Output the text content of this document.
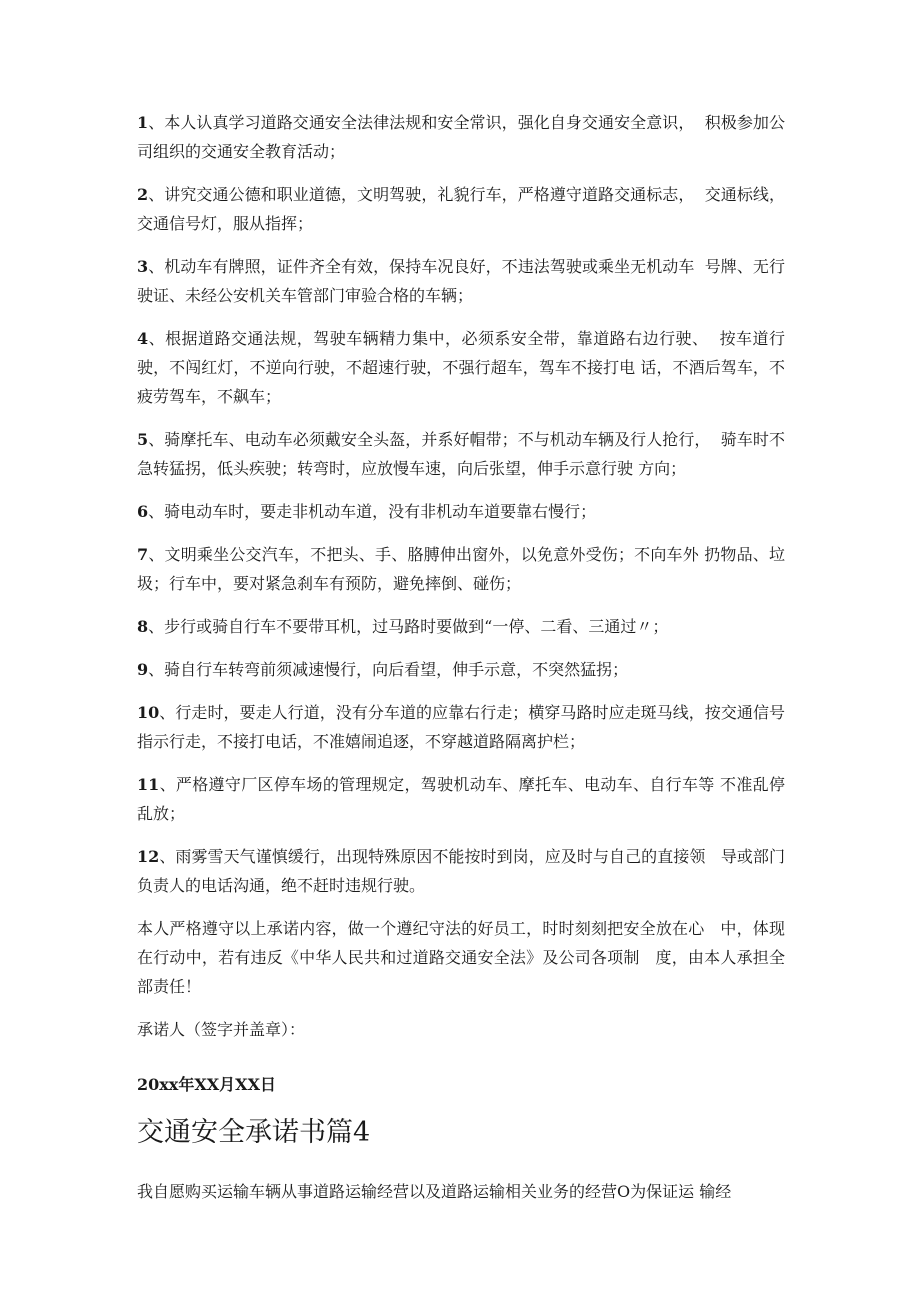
1、本人认真学习道路交通安全法律法规和安全常识，强化自身交通安全意识，  积极参加公司组织的交通安全教育活动；

2、讲究交通公德和职业道德，文明驾驶，礼貌行车，严格遵守道路交通标志，  交通标线，交通信号灯，服从指挥；

3、机动车有牌照，证件齐全有效，保持车况良好，不违法驾驶或乘坐无机动车  号牌、无行驶证、未经公安机关车管部门审验合格的车辆；

4、根据道路交通法规，驾驶车辆精力集中，必须系安全带，靠道路右边行驶、  按车道行驶，不闯红灯，不逆向行驶，不超速行驶，不强行超车，驾车不接打电 话，不酒后驾车，不疲劳驾车，不飙车；

5、骑摩托车、电动车必须戴安全头盔，并系好帽带；不与机动车辆及行人抢行，  骑车时不急转猛拐，低头疾驶；转弯时，应放慢车速，向后张望，伸手示意行驶 方向；

6、骑电动车时，要走非机动车道，没有非机动车道要靠右慢行；

7、文明乘坐公交汽车，不把头、手、胳膊伸出窗外，以免意外受伤；不向车外 扔物品、垃圾；行车中，要对紧急刹车有预防，避免摔倒、碰伤；

8、步行或骑自行车不要带耳机，过马路时要做到“一停、二看、三通过〃；

9、骑自行车转弯前须减速慢行，向后看望，伸手示意，不突然猛拐；

10、行走时，要走人行道，没有分车道的应靠右行走；横穿马路时应走斑马线，按交通信号指示行走，不接打电话，不准嬉闹追逐，不穿越道路隔离护栏；

11、严格遵守厂区停车场的管理规定，驾驶机动车、摩托车、电动车、自行车等 不准乱停乱放；

12、雨雾雪天气谨慎缓行，出现特殊原因不能按时到岗，应及时与自己的直接领   导或部门负责人的电话沟通，绝不赶时违规行驶。

本人严格遵守以上承诺内容，做一个遵纪守法的好员工，时时刻刻把安全放在心   中，体现在行动中，若有违反《中华人民共和过道路交通安全法》及公司各项制   度，由本人承担全部责任！

承诺人（签字并盖章）：

20xx年XX月XX日

交通安全承诺书篇4

我自愿购买运输车辆从事道路运输经营以及道路运输相关业务的经营O为保证运 输经
